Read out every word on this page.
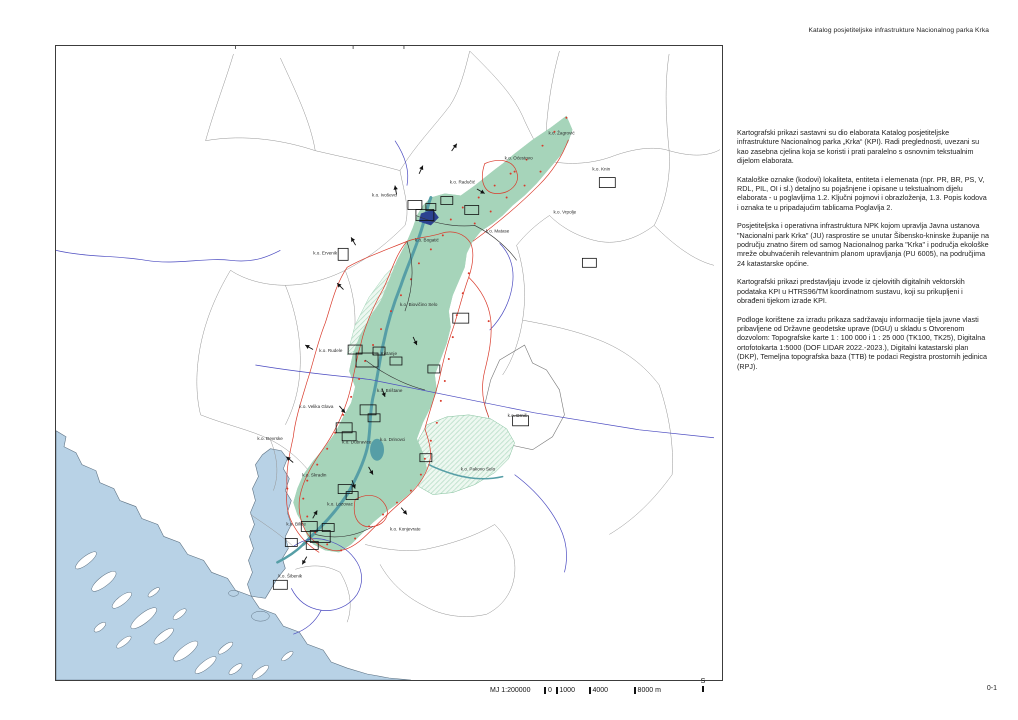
Katalog posjetiteljske infrastrukture Nacionalnog parka Krka
k.o. Žagrović
k.o. Oćestovo
k.o. Knin
k.o. Radučić
k.o. Ivoševci
k.o. Matase
k.o. Vrpolje
k.o. Ervenik
k.o. Bogatić
k.o. Biovičino Selo
k.o. Rudele
k.o. Kistanje
k.o. Velika Glava
k.o. Đevrske
k.o. Dubravice
k.o. Brištane
k.o. Drinovci
k.o. Pakovo Selo
k.o. Drniš
k.o. Skradin
k.o. Lozovac
k.o. Konjevrate
k.o. Bilice
k.o. Šibenik

Kartografski prikazi sastavni su dio elaborata Katalog posjetiteljske infrastrukture Nacionalnog parka „Krka“ (KPI). Radi preglednosti, uvezani su kao zasebna cjelina koja se koristi i prati paralelno s osnovnim tekstualnim dijelom elaborata.

Kataloške oznake (kodovi) lokaliteta, entiteta i elemenata (npr. PR, BR, PS, V, RDL, PIL, OI i sl.) detaljno su pojašnjene i opisane u tekstualnom dijelu elaborata - u poglavljima 1.2. Ključni pojmovi i obrazloženja, 1.3. Popis kodova i oznaka te u pripadajućim tablicama Poglavlja 2.

Posjetiteljska i operativna infrastruktura NPK kojom upravlja Javna ustanova "Nacionalni park Krka" (JU) rasprostire se unutar Šibensko-kninske županije na području znatno širem od samog Nacionalnog parka "Krka" i područja ekološke mreže obuhvaćenih relevantnim planom upravljanja (PU 6005), na područjima 24 katastarske općine.

Kartografski prikazi predstavljaju izvode iz cjelovitih digitalnih vektorskih podataka KPI u HTRS96/TM koordinatnom sustavu, koji su prikupljeni i obrađeni tijekom izrade KPI.

Podloge korištene za izradu prikaza sadržavaju informacije tijela javne vlasti pribavljene od Državne geodetske uprave (DGU) u skladu s Otvorenom dozvolom: Topografske karte 1 : 100 000 i 1 : 25 000 (TK100, TK25), Digitalna ortofotokarta 1:5000 (DOF LIDAR 2022.-2023.), Digitalni katastarski plan (DKP), Temeljna topografska baza (TTB) te podaci Registra prostornih jedinica (RPJ).

MJ 1:200000	0 1000	4000	8000 m
S
0-1
